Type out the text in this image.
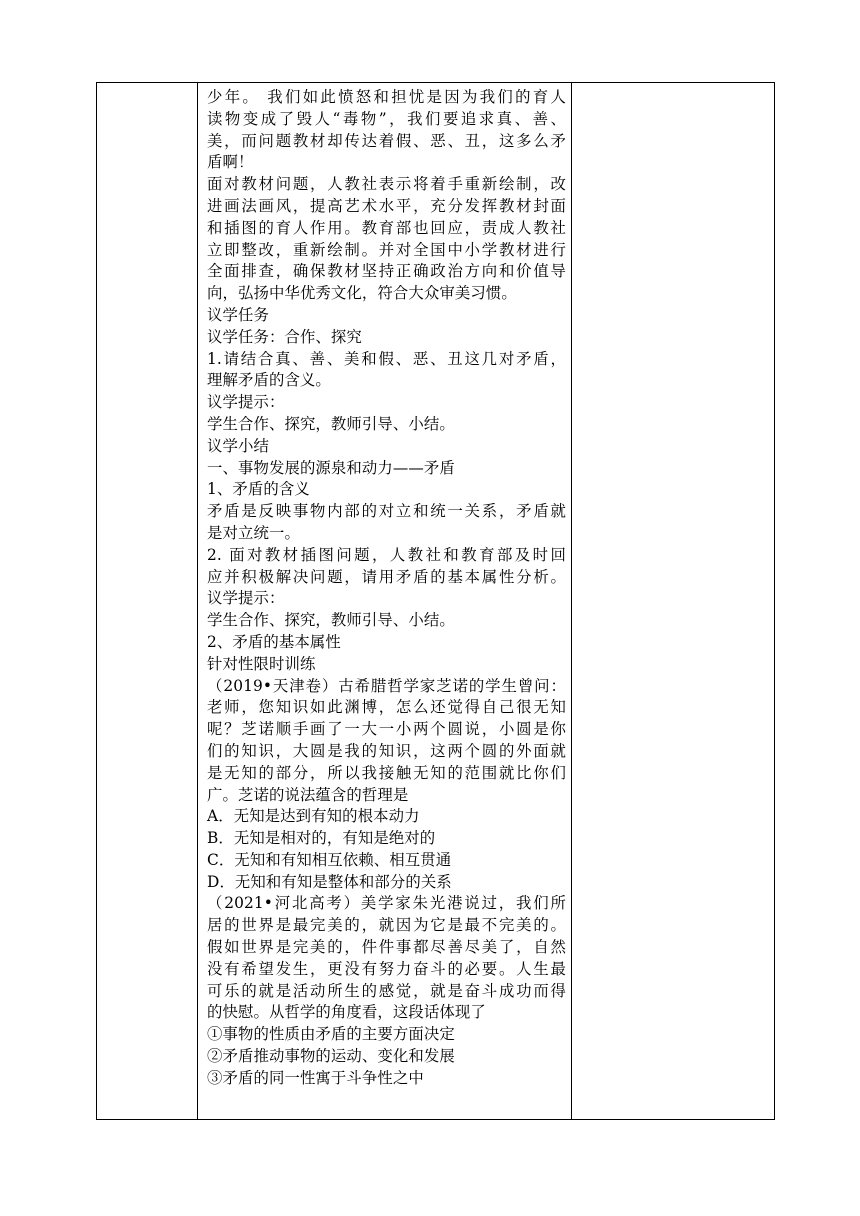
少年。 我们如此愤怒和担忧是因为我们的育人
读物变成了毁人“毒物”，我们要追求真、善、
美，而问题教材却传达着假、恶、丑，这多么矛
盾啊！
面对教材问题，人教社表示将着手重新绘制，改
进画法画风，提高艺术水平，充分发挥教材封面
和插图的育人作用。教育部也回应，责成人教社
立即整改，重新绘制。并对全国中小学教材进行
全面排查，确保教材坚持正确政治方向和价值导
向，弘扬中华优秀文化，符合大众审美习惯。
议学任务
议学任务：合作、探究
1.请结合真、善、美和假、恶、丑这几对矛盾，
理解矛盾的含义。
议学提示：
学生合作、探究，教师引导、小结。
议学小结
一、事物发展的源泉和动力——矛盾
1、矛盾的含义
矛盾是反映事物内部的对立和统一关系，矛盾就
是对立统一。
2. 面对教材插图问题，人教社和教育部及时回
应并积极解决问题，请用矛盾的基本属性分析。
议学提示：
学生合作、探究，教师引导、小结。
2、矛盾的基本属性
针对性限时训练
（2019•天津卷）古希腊哲学家芝诺的学生曾问：
老师，您知识如此渊博，怎么还觉得自己很无知
呢？芝诺顺手画了一大一小两个圆说，小圆是你
们的知识，大圆是我的知识，这两个圆的外面就
是无知的部分，所以我接触无知的范围就比你们
广。芝诺的说法蕴含的哲理是
A．无知是达到有知的根本动力
B．无知是相对的，有知是绝对的
C．无知和有知相互依赖、相互贯通
D．无知和有知是整体和部分的关系
（2021•河北高考）美学家朱光港说过，我们所
居的世界是最完美的，就因为它是最不完美的。
假如世界是完美的，件件事都尽善尽美了，自然
没有希望发生，更没有努力奋斗的必要。人生最
可乐的就是活动所生的感觉，就是奋斗成功而得
的快慰。从哲学的角度看，这段话体现了
①事物的性质由矛盾的主要方面决定
②矛盾推动事物的运动、变化和发展
③矛盾的同一性寓于斗争性之中
